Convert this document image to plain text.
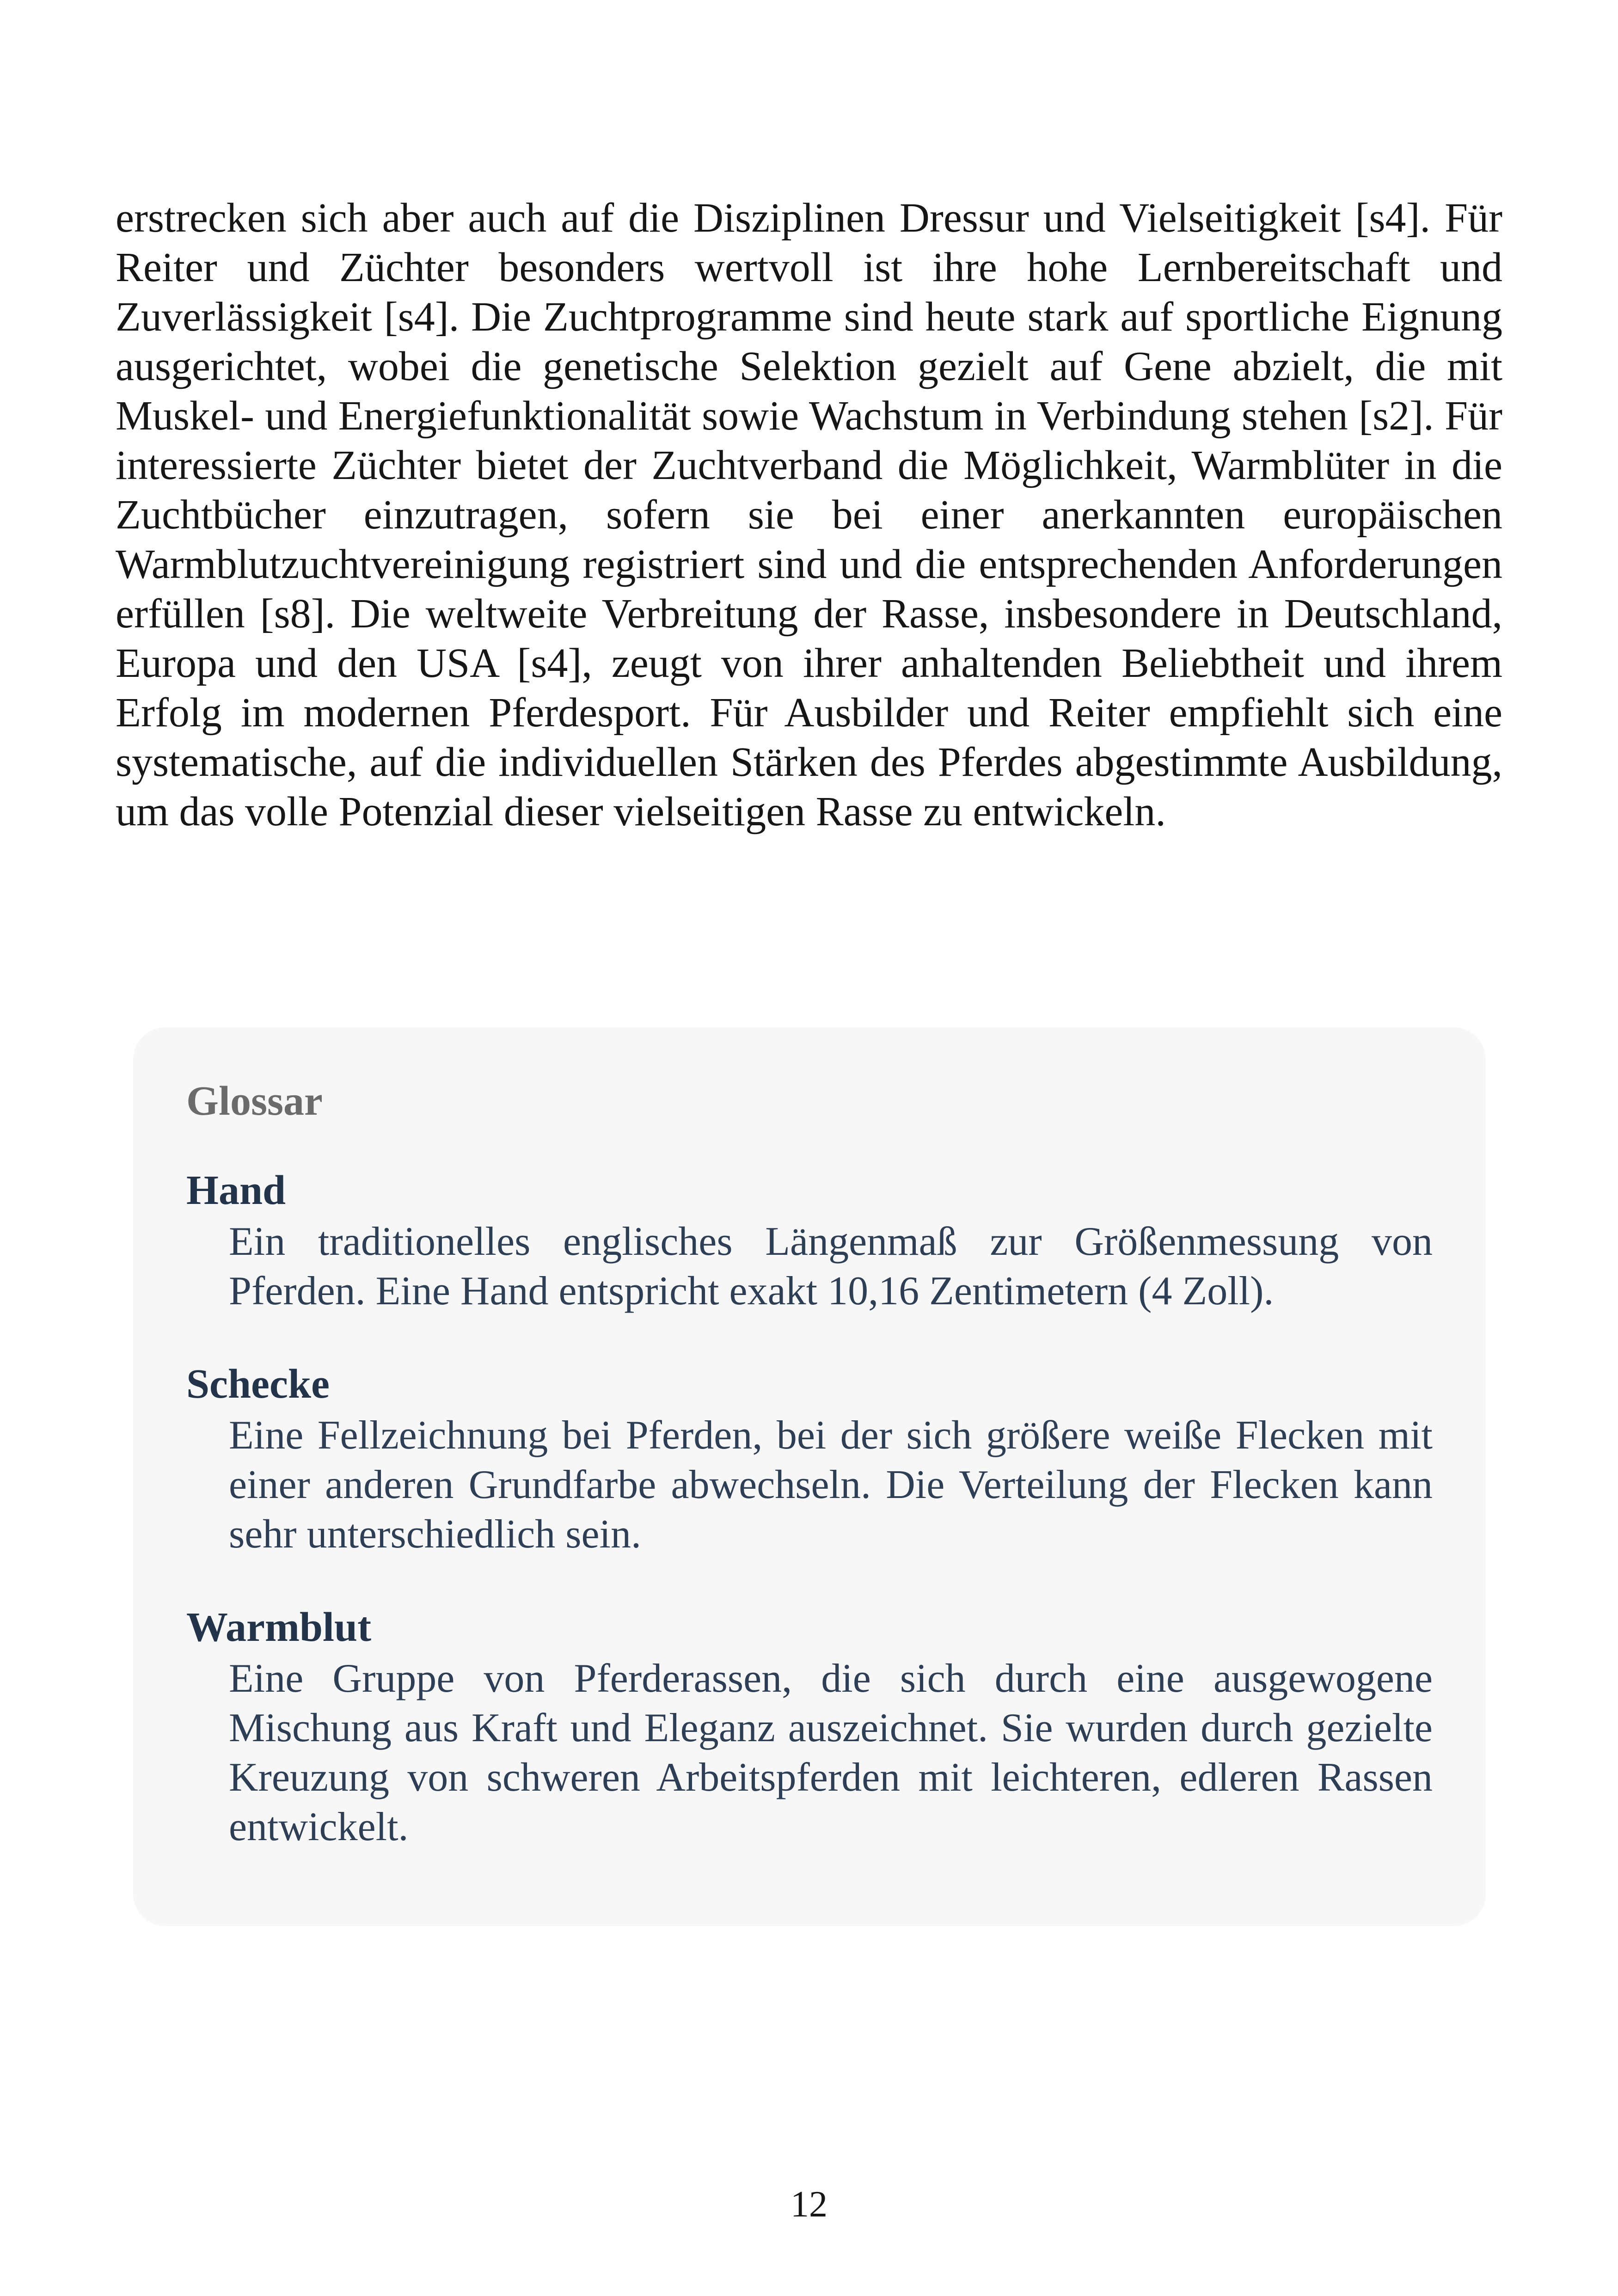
erstrecken sich aber auch auf die Disziplinen Dressur und Vielseitigkeit [s4]. Für Reiter und Züchter besonders wertvoll ist ihre hohe Lernbereitschaft und Zuverlässigkeit [s4]. Die Zuchtprogramme sind heute stark auf sportliche Eignung ausgerichtet, wobei die genetische Selektion gezielt auf Gene abzielt, die mit Muskel- und Energiefunktionalität sowie Wachstum in Verbindung stehen [s2]. Für interessierte Züchter bietet der Zuchtverband die Möglichkeit, Warmblüter in die Zuchtbücher einzutragen, sofern sie bei einer anerkannten europäischen Warmblutzuchtvereinigung registriert sind und die entsprechenden Anforderungen erfüllen [s8]. Die weltweite Verbreitung der Rasse, insbesondere in Deutschland, Europa und den USA [s4], zeugt von ihrer anhaltenden Beliebtheit und ihrem Erfolg im modernen Pferdesport. Für Ausbilder und Reiter empfiehlt sich eine systematische, auf die individuellen Stärken des Pferdes abgestimmte Ausbildung, um das volle Potenzial dieser vielseitigen Rasse zu entwickeln.

Glossar

Hand

Ein traditionelles englisches Längenmaß zur Größenmessung von Pferden. Eine Hand entspricht exakt 10,16 Zentimetern (4 Zoll).

Schecke

Eine Fellzeichnung bei Pferden, bei der sich größere weiße Flecken mit einer anderen Grundfarbe abwechseln. Die Verteilung der Flecken kann sehr unterschiedlich sein.

Warmblut

Eine Gruppe von Pferderassen, die sich durch eine ausgewogene Mischung aus Kraft und Eleganz auszeichnet. Sie wurden durch gezielte Kreuzung von schweren Arbeitspferden mit leichteren, edleren Rassen entwickelt.

12
